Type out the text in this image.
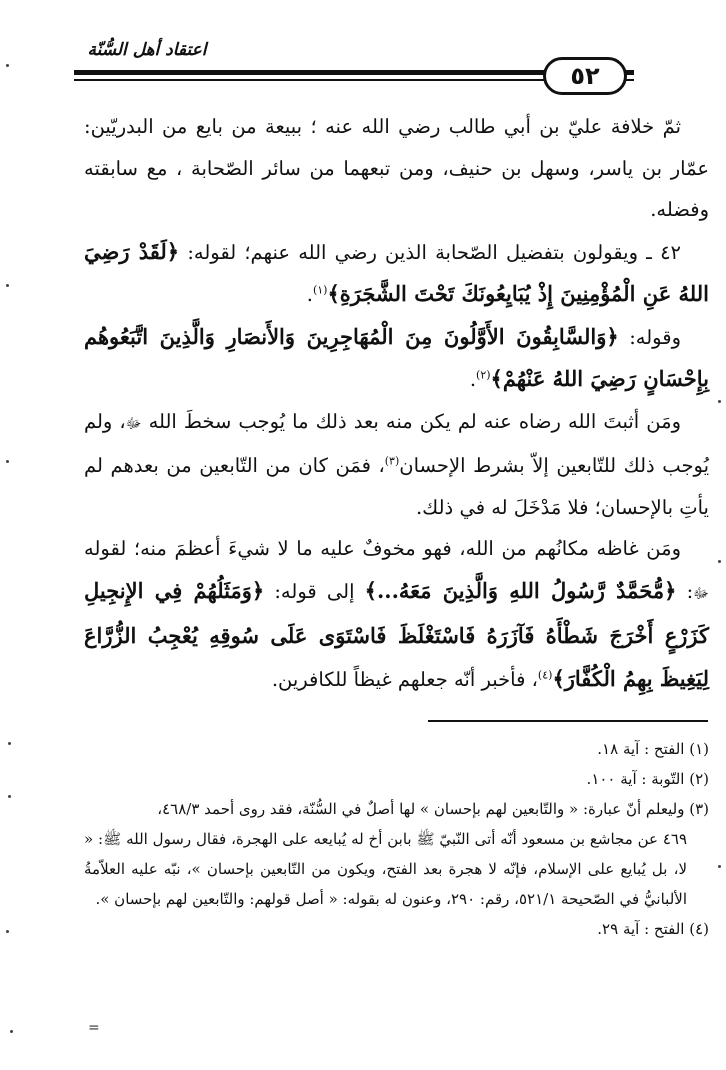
اعتقاد أهل السُّنّة
٥٢

ثمّ خلافة عليّ بن أبي طالب رضي الله عنه ؛ ببيعة من بايع من البدريّين: عمّار بن ياسر، وسهل بن حنيف، ومن تبعهما من سائر الصّحابة ، مع سابقته وفضله.

٤٢ ـ ويقولون بتفضيل الصّحابة الذين رضي الله عنهم؛ لقوله: ﴿لَقَدْ رَضِيَ اللهُ عَنِ الْمُؤْمِنِينَ إِذْ يُبَايِعُونَكَ تَحْتَ الشَّجَرَةِ﴾$^{(١)}$.

وقوله: ﴿وَالسَّابِقُونَ الأَوَّلُونَ مِنَ الْمُهَاجِرِينَ وَالأَنصَارِ وَالَّذِينَ اتَّبَعُوهُم بِإِحْسَانٍ رَضِيَ اللهُ عَنْهُمْ﴾$^{(٢)}$.

ومَن أثبتَ الله رضاه عنه لم يكن منه بعد ذلك ما يُوجب سخطَ الله ﷻ، ولم يُوجب ذلك للتّابعين إلاّ بشرط الإحسان$^{(٣)}$، فمَن كان من التّابعين من بعدهم لم يأتِ بالإحسان؛ فلا مَدْخَلَ له في ذلك.

ومَن غاظه مكانُهم من الله، فهو مخوفٌ عليه ما لا شيءَ أعظمَ منه؛ لقوله ﷻ: ﴿مُّحَمَّدٌ رَّسُولُ اللهِ وَالَّذِينَ مَعَهُ...﴾ إلى قوله: ﴿وَمَثَلُهُمْ فِي الإِنجِيلِ كَزَرْعٍ أَخْرَجَ شَطْأَهُ فَآزَرَهُ فَاسْتَغْلَظَ فَاسْتَوَى عَلَى سُوقِهِ يُعْجِبُ الزُّرَّاعَ لِيَغِيظَ بِهِمُ الْكُفَّارَ﴾$^{(٤)}$، فأخبر أنّه جعلهم غيظاً للكافرين.

(١) الفتح : آية ١٨.

(٢) التّوبة : آية ١٠٠.

(٣) وليعلم أنّ عبارة: « والتّابعين لهم بإحسان » لها أصلٌ في السُّنّة، فقد روى أحمد ٤٦٨/٣،

٤٦٩ عن مجاشع بن مسعود أنّه أتى النّبيّ ﷺ بابن أخ له يُبايعه على الهجرة، فقال رسول الله ﷺ: « لا، بل يُبايع على الإسلام، فإنّه لا هجرة بعد الفتح، ويكون من التّابعين بإحسان »، نبّه عليه العلاّمةُ الألبانيُّ في الصّحيحة ٥٢١/١، رقم: ٢٩٠، وعنون له بقوله: « أصل قولهم: والتّابعين لهم بإحسان ».

(٤) الفتح : آية ٢٩.

=
